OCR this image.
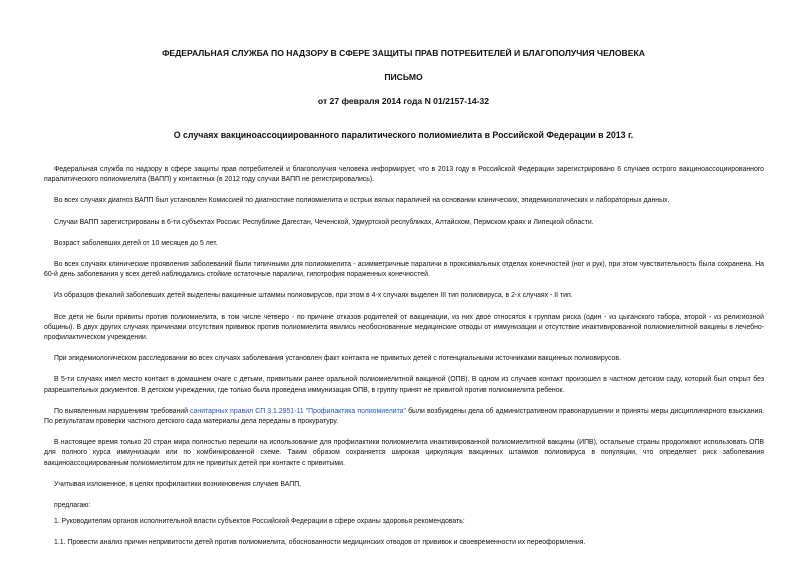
ФЕДЕРАЛЬНАЯ СЛУЖБА ПО НАДЗОРУ В СФЕРЕ ЗАЩИТЫ ПРАВ ПОТРЕБИТЕЛЕЙ И БЛАГОПОЛУЧИЯ ЧЕЛОВЕКА
ПИСЬМО
от 27 февраля 2014 года N 01/2157-14-32
О случаях вакциноассоциированного паралитического полиомиелита в Российской Федерации в 2013 г.

Федеральная служба по надзору в сфере защиты прав потребителей и благополучия человека информирует, что в 2013 году в Российской Федерации зарегистрировано 6 случаев острого вакциноассоциированного паралитического полиомиелита (ВАПП) у контактных (в 2012 году случаи ВАПП не регистрировались).

Во всех случаях диагноз ВАПП был установлен Комиссией по диагностике полиомиелита и острых вялых параличей на основании клинических, эпидемиологических и лабораторных данных.

Случаи ВАПП зарегистрированы в 6-ти субъектах России: Республике Дагестан, Чеченской, Удмуртской республиках, Алтайском, Пермском краях и Липецкой области.

Возраст заболевших детей от 10 месяцев до 5 лет.

Во всех случаях клинические проявления заболеваний были типичными для полиомиелита - асимметричные параличи в проксимальных отделах конечностей (ног и рук), при этом чувствительность была сохранена. На 60-й день заболевания у всех детей наблюдались стойкие остаточные параличи, гипотрофия пораженных конечностей.

Из образцов фекалий заболевших детей выделены вакцинные штаммы полиовирусов, при этом в 4-х случаях выделен III тип полиовируса, в 2-х случаях - II тип.

Все дети не были привиты против полиомиелита, в том числе четверо - по причине отказов родителей от вакцинации, из них двое относятся к группам риска (один - из цыганского табора, второй - из религиозной общины). В двух других случаях причинами отсутствия прививок против полиомиелита явились необоснованные медицинские отводы от иммунизации и отсутствие инактивированной полиомиелитной вакцины в лечебно-профилактическом учреждении.

При эпидемиологическом расследовании во всех случаях заболевания установлен факт контакта не привитых детей с потенциальными источниками вакцинных полиовирусов.

В 5-ти случаях имел место контакт в домашнем очаге с детьми, привитыми ранее оральной полиомиелитной вакциной (ОПВ). В одном из случаев контакт произошел в частном детском саду, который был открыт без разрешительных документов. В детском учреждении, где только была проведена иммунизация ОПВ, в группу принят не привитой против полиомиелита ребенок.

По выявленным нарушениям требований санитарных правил СП 3.1.2951-11 "Профилактика полиомиелита" были возбуждены дела об административном правонарушении и приняты меры дисциплинарного взыскания. По результатам проверки частного детского сада материалы дела переданы в прокуратуру.

В настоящее время только 20 стран мира полностью перешли на использование для профилактики полиомиелита инактивированной полиомиелитной вакцины (ИПВ), остальные страны продолжают использовать ОПВ для полного курса иммунизации или по комбинированной схеме. Таким образом сохраняется широкая циркуляция вакцинных штаммов полиовируса в популяции, что определяет риск заболевания вакциноассоциированным полиомиелитом для не привитых детей при контакте с привитыми.

Учитывая изложенное, в целях профилактики возникновения случаев ВАПП,

предлагаю:

1. Руководителям органов исполнительной власти субъектов Российской Федерации в сфере охраны здоровья рекомендовать:

1.1. Провести анализ причин непривитости детей против полиомиелита, обоснованности медицинских отводов от прививок и своевременности их переоформления.
